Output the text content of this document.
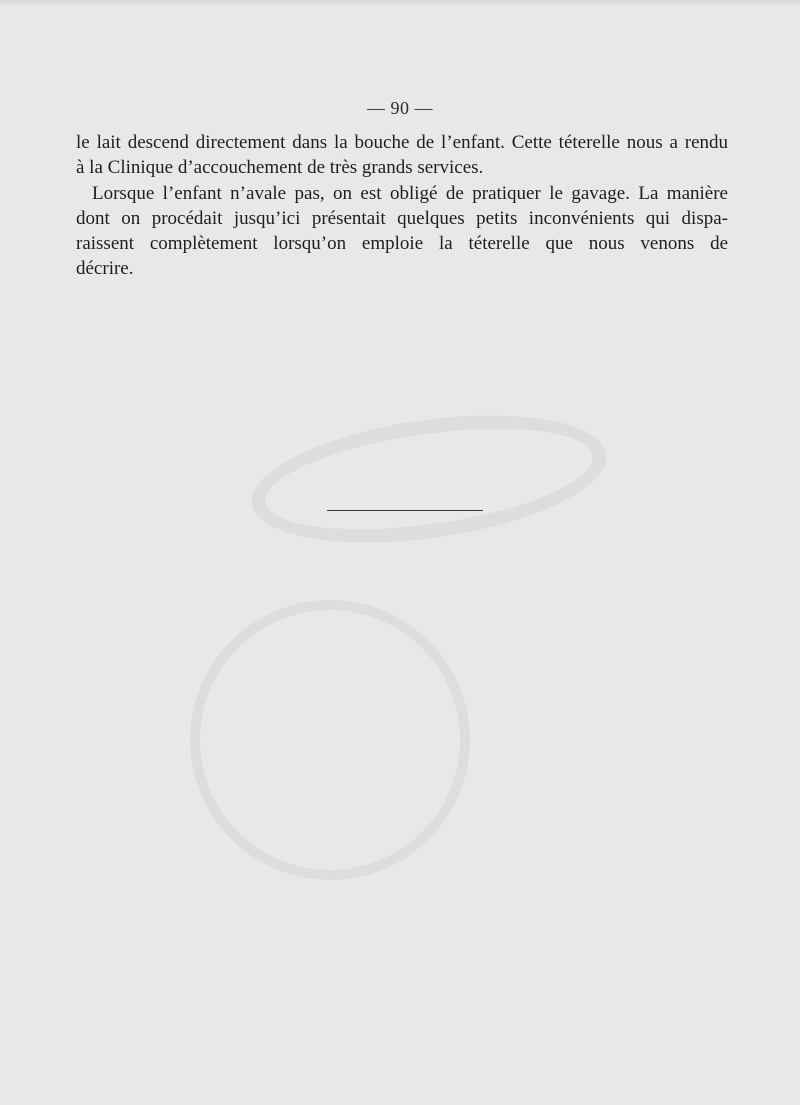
— 90 —

le lait descend directement dans la bouche de l’enfant. Cette téterelle nous a rendu
à la Clinique d’accouchement de très grands services.

Lorsque l’enfant n’avale pas, on est obligé de pratiquer le gavage. La manière
dont on procédait jusqu’ici présentait quelques petits inconvénients qui dispa-
raissent complètement lorsqu’on emploie la téterelle que nous venons de
décrire.
